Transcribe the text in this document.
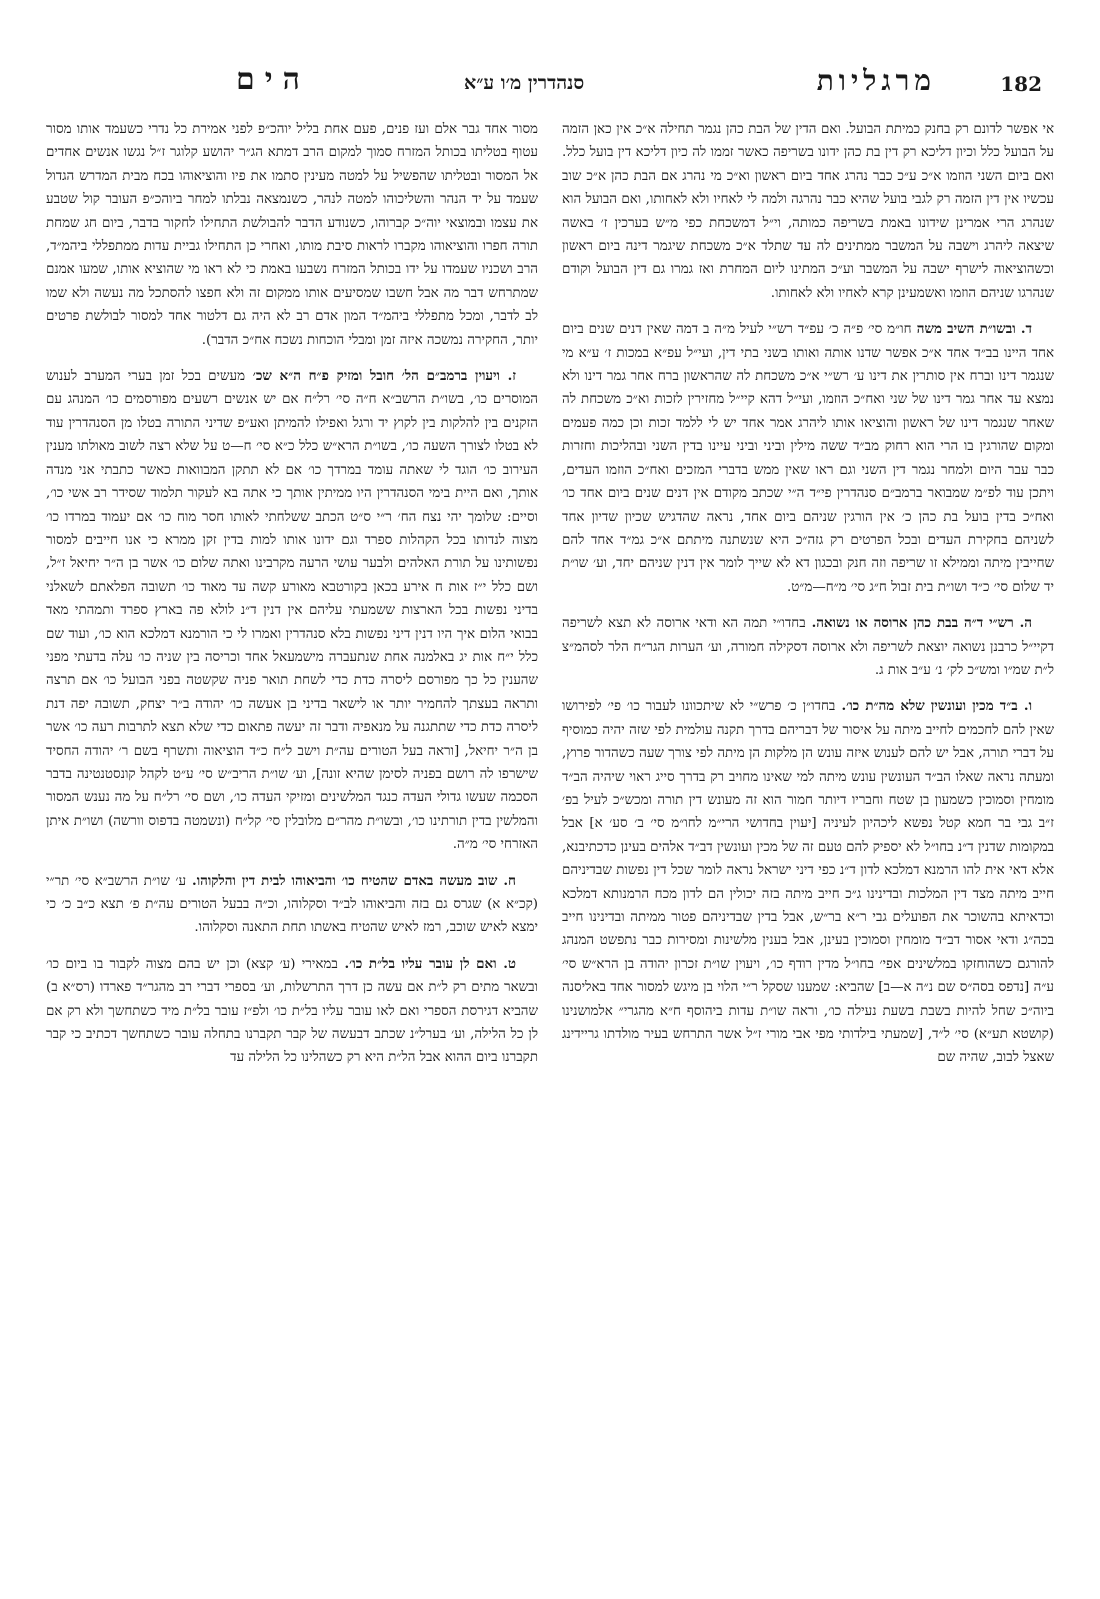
הים	סנהדרין מ׳ו ע״א	מרגליות	182

אי אפשר לדונם רק בחנק כמיתת הבועל. ואם הדין של הבת כהן נגמר תחילה א״כ אין כאן הזמה על הבועל כלל וכיון דליכא רק דין בת כהן ידונו בשריפה כאשר זממו לה כיון דליכא דין בועל כלל. ואם ביום השני הוזמו א״כ ע״כ כבר נהרג אחד ביום ראשון וא״כ מי נהרג אם הבת כהן א״כ שוב עכשיו אין דין הזמה רק לגבי בועל שהיא כבר נהרגה ולמה לי לאחיו ולא לאחותו, ואם הבועל הוא שנהרג הרי אמרינן שידונו באמת בשריפה כמותה, וי״ל דמשכחת כפי מ״ש בערכין ז׳ באשה שיצאה ליהרג וישבה על המשבר ממתינים לה עד שתלד א״כ משכחת שיגמר דינה ביום ראשון וכשהוציאוה לישרף ישבה על המשבר וע״כ המתינו ליום המחרת ואז גמרו גם דין הבועל וקודם שנהרגו שניהם הוזמו ואשמעינן קרא לאחיו ולא לאחותו.

ד. ובשו״ת השיב משה חו״מ סי׳ פ״ה כ׳ עפ״ד רש״י לעיל מ״ה ב דמה שאין דנים שנים ביום אחד היינו בב״ד אחד א״כ אפשר שדנו אותה ואותו בשני בתי דין, ועי״ל עפ״א במכות ז׳ ע״א מי שנגמר דינו וברח אין סותרין את דינו ע׳ רש״י א״כ משכחת לה שהראשון ברח אחר גמר דינו ולא נמצא עד אחר גמר דינו של שני ואח״כ הוזמו, ועי״ל דהא קיי״ל מחזירין לזכות וא״כ משכחת לה שאחר שנגמר דינו של ראשון והוציאו אותו ליהרג אמר אחד יש לי ללמד זכות וכן כמה פעמים ומקום שהורגין בו הרי הוא רחוק מב״ד ששה מילין וביני וביני עיינו בדין השני ובהליכות וחזרות כבר עבר היום ולמחר נגמר דין השני וגם ראו שאין ממש בדברי המזכים ואח״כ הוזמו העדים, ויתכן עוד לפ״מ שמבואר ברמב״ם סנהדרין פי״ד ה״י שכתב מקודם אין דנים שנים ביום אחד כו׳ ואח״כ בדין בועל בת כהן כ׳ אין הורגין שניהם ביום אחד, נראה שהדגיש שכיון שדיון אחד לשניהם בחקירת העדים ובכל הפרטים רק גזה״כ היא שנשתנה מיתתם א״כ גמ״ד אחד להם שחייבין מיתה וממילא זו שריפה וזה חנק ובכגון דא לא שייך לומר אין דנין שניהם יחד, וע׳ שו״ת יד שלום סי׳ כ״ד ושו״ת בית זבול ח״ג סי׳ מ״ח—מ״ט.

ה. רש״י ד״ה בבת כהן ארוסה או נשואה. בחדו״י תמה הא ודאי ארוסה לא תצא לשריפה דקיי״ל כרבנן נשואה יוצאת לשריפה ולא ארוסה דסקילה חמורה, וע׳ הערות הגר״ח הלר לסהמ״צ ל״ת שמ״ו ומש״כ לק׳ נ׳ ע״ב אות ג.

ו. ב״ד מכין ועונשין שלא מה״ת כו׳. בחדו״ן כ׳ פרש״י לא שיתכוונו לעבור כו׳ פי׳ לפירושו שאין להם לחכמים לחייב מיתה על איסור של דבריהם בדרך תקנה עולמית לפי שזה יהיה כמוסיף על דברי תורה, אבל יש להם לענוש איזה עונש הן מלקות הן מיתה לפי צורך שעה כשהדור פרוץ, ומעתה נראה שאלו הב״ד העונשין עונש מיתה למי שאינו מחויב רק בדרך סייג ראוי שיהיה הב״ד מומחין וסמוכין כשמעון בן שטח וחבריו דיותר חמור הוא זה מעונש דין תורה ומכש״כ לעיל בפ׳ ז״ב גבי בר חמא קטל נפשא ליכהיון לעיניה [יעוין בחדושי הרי״מ לחו״מ סי׳ ב׳ סע׳ א] אבל במקומות שדנין ד״נ בחו״ל לא יספיק להם טעם זה של מכין ועונשין דב״ד אלהים בעינן כדכתיבנא, אלא דאי אית להו הרמנא דמלכא לדון ד״נ כפי דיני ישראל נראה לומר שכל דין נפשות שבדיניהם חייב מיתה מצד דין המלכות ובדינינו ג״כ חייב מיתה בזה יכולין הם לדון מכח הרמנותא דמלכא וכדאיתא בהשוכר את הפועלים גבי ר״א בר״ש, אבל בדין שבדיניהם פטור ממיתה ובדינינו חייב בכה״ג ודאי אסור דב״ד מומחין וסמוכין בעינן, אבל בענין מלשינות ומסירות כבר נתפשט המנהג להורגם כשהוחזקו במלשינים אפי׳ בחו״ל מדין רודף כו׳, ויעוין שו״ת זכרון יהודה בן הרא״ש סי׳ ע״ה [נדפס בסה״ס שם נ״ה א—ב] שהביא: שמענו שסקל ר״י הלוי בן מיגש למסור אחד באליסנה ביוה״כ שחל להיות בשבת בשעת נעילה כו׳, וראה שו״ת עדות ביהוסף ח״א מהגרי״ אלמושנינו (קושטא תע״א) סי׳ ל״ד, [שמעתי בילדותי מפי אבי מורי ז״ל אשר התרחש בעיר מולדתו גריידינג שאצל לבוב, שהיה שם

מסור אחד גבר אלם ועז פנים, פעם אחת בליל יוהכ״פ לפני אמירת כל נדרי כשעמד אותו מסור עטוף בטליתו בכותל המזרח סמוך למקום הרב דמתא הג״ר יהושע קלוגר ז״ל נגשו אנשים אחדים אל המסור ובטליתו שהפשיל על למטה מעינין סתמו את פיו והוציאוהו בכח מבית המדרש הגדול שעמד על יד הנהר והשליכוהו למטה לנהר, כשנמצאה נבלתו למחר ביוהכ״פ העובר קול שטבע את עצמו ובמוצאי יוה״כ קברוהו, כשנודע הדבר להבולשת התחילו לחקור בדבר, ביום חג שמחת תורה חפרו והוציאוהו מקברו לראות סיבת מותו, ואחרי כן התחילו גביית עדות ממתפללי ביהמ״ד, הרב ושכניו שעמדו על ידו בכותל המזרח נשבעו באמת כי לא ראו מי שהוציא אותו, שמעו אמנם שמתרחש דבר מה אבל חשבו שמסיעים אותו ממקום זה ולא חפצו להסתכל מה נעשה ולא שמו לב לדבר, ומכל מתפללי ביהמ״ד המון אדם רב לא היה גם דלטור אחד למסור לבולשת פרטים יותר, החקירה נמשכה איזה זמן ומבלי הוכחות נשכח אח״כ הדבר).

ז. ויעוין ברמב״ם הל׳ חובל ומזיק פ״ח ה״א שכ׳ מעשים בכל זמן בערי המערב לענוש המוסרים כו׳, בשו״ת הרשב״א ח״ה סי׳ רל״ח אם יש אנשים רשעים מפורסמים כו׳ המנהג עם הזקנים בין להלקות בין לקוץ יד ורגל ואפילו להמיתן ואע״פ שדיני התורה בטלו מן הסנהדרין עוד לא בטלו לצורך השעה כו׳, בשו״ת הרא״ש כלל כ״א סי׳ ח—ט על שלא רצה לשוב מאולתו מענין העירוב כו׳ הוגד לי שאתה עומד במרדך כו׳ אם לא תתקן המבוואות כאשר כתבתי אני מנדה אותך, ואם היית בימי הסנהדרין היו ממיתין אותך כי אתה בא לעקור תלמוד שסידר רב אשי כו׳, וסיים: שלומך יהי נצח הח׳ ר״י ס״ט הכתב ששלחתי לאותו חסר מוח כו׳ אם יעמוד במרדו כו׳ מצוה לנדותו בכל הקהלות ספרד וגם ידונו אותו למות בדין זקן ממרא כי אנו חייבים למסור נפשותינו על תורת האלהים ולבער עושי הרעה מקרבינו ואתה שלום כו׳ אשר בן ה״ר יחיאל ז״ל, ושם כלל י״ז אות ח אירע בכאן בקורטבא מאורע קשה עד מאוד כו׳ תשובה הפלאתם לשאלני בדיני נפשות בכל הארצות ששמעתי עליהם אין דנין ד״נ לולא פה בארץ ספרד ותמהתי מאד בבואי הלום איך היו דנין דיני נפשות בלא סנהדרין ואמרו לי כי הורמנא דמלכא הוא כו׳, ועוד שם כלל י״ח אות יג באלמנה אחת שנתעברה מישמעאל אחד וכריסה בין שניה כו׳ עלה בדעתי מפני שהענין כל כך מפורסם ליסרה כדת כדי לשחת תואר פניה שקשטה בפני הבועל כו׳ אם תרצה ותראה בעצתך להחמיר יותר או לישאר בדיני בן אעשה כו׳ יהודה ב״ר יצחק, תשובה יפה דנת ליסרה כדת כדי שתתגנה על מנאפיה ודבר זה יעשה פתאום כדי שלא תצא לתרבות רעה כו׳ אשר בן ה״ר יחיאל, [וראה בעל הטורים עה״ת וישב ל״ח כ״ד הוציאוה ותשרף בשם ר׳ יהודה החסיד שישרפו לה רושם בפניה לסימן שהיא זונה], וע׳ שו״ת הריב״ש סי׳ ע״ט לקהל קונסטנטינה בדבר הסכמה שעשו גדולי העדה כנגד המלשינים ומזיקי העדה כו׳, ושם סי׳ רל״ח על מה נענש המסור והמלשין בדין תורתינו כו׳, ובשו״ת מהר״ם מלובלין סי׳ קל״ח (ונשמטה בדפוס וורשה) ושו״ת איתן האזרחי סי׳ מ״ה.

ח. שוב מעשה באדם שהטיח כו׳ והביאוהו לבית דין והלקוהו. ע׳ שו״ת הרשב״א סי׳ תר״י (קכ״א א) שגרס גם בזה והביאוהו לב״ד וסקלוהו, וכ״ה בבעל הטורים עה״ת פ׳ תצא כ״ב כ׳ כי ימצא לאיש שוכב, רמז לאיש שהטיח באשתו תחת התאנה וסקלוהו.

ט. ואם לן עובר עליו בל״ת כו׳. במאירי (ע׳ קצא) וכן יש בהם מצוה לקבור בו ביום כו׳ ובשאר מתים רק ל״ת אם עשה כן דרך התרשלות, וע׳ בספרי דברי רב מהגר״ד פארדו (רס״א ב) שהביא דגירסת הספרי ואם לאו עובר עליו בל״ת כו׳ ולפ״ז עובר בל״ת מיד כשתחשך ולא רק אם לן כל הלילה, וע׳ בערל״נ שכתב דבעשה של קבר תקברנו בתחלה עובר כשתחשך דכתיב כי קבר תקברנו ביום ההוא אבל הל״ת היא רק כשהלינו כל הלילה עד
